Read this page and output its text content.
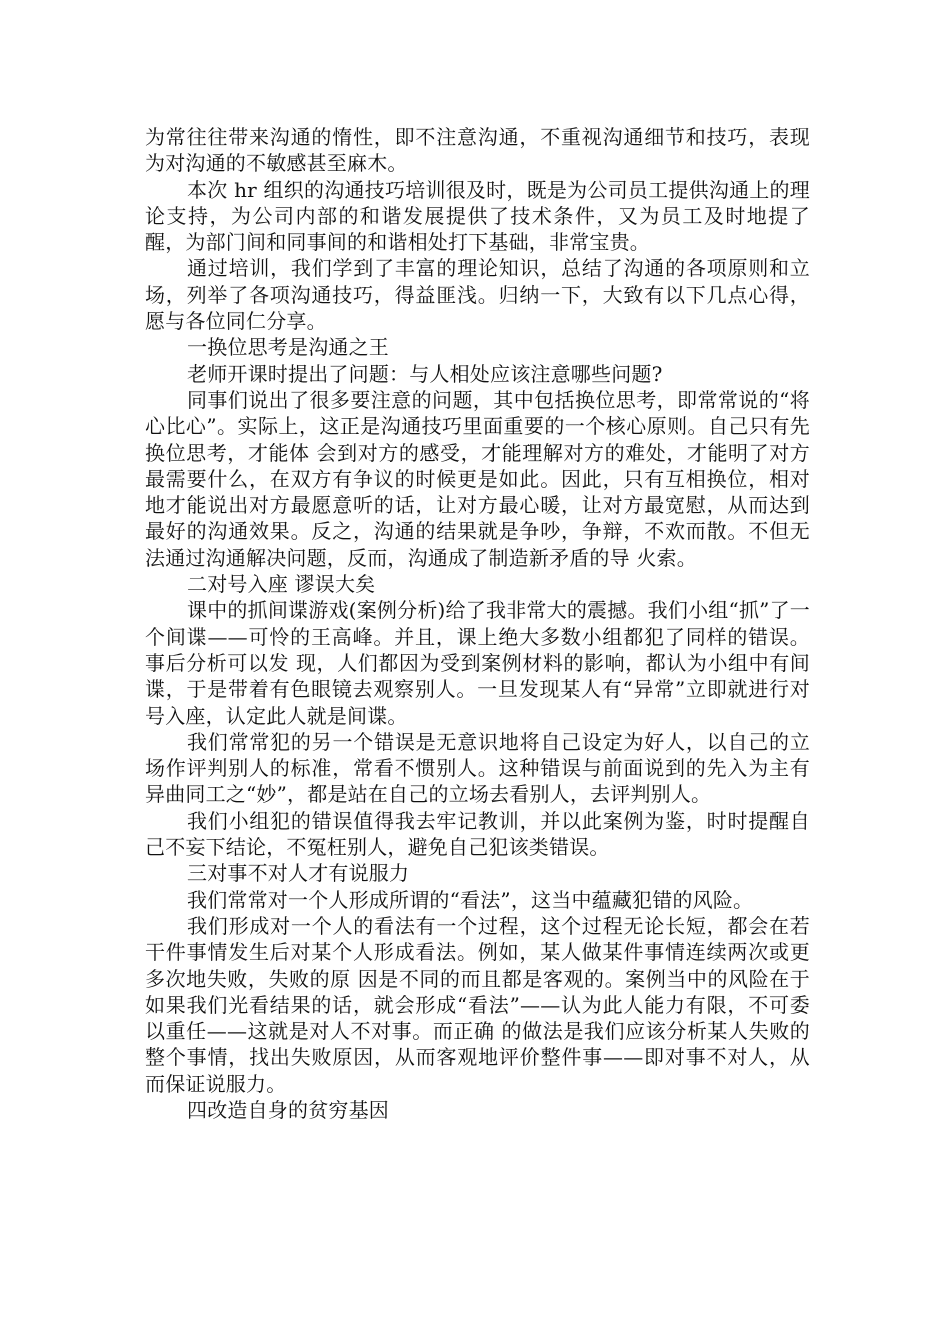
为常往往带来沟通的惰性，即不注意沟通，不重视沟通细节和技巧，表现为对沟通的不敏感甚至麻木。

本次 hr 组织的沟通技巧培训很及时，既是为公司员工提供沟通上的理论支持，为公司内部的和谐发展提供了技术条件，又为员工及时地提了醒，为部门间和同事间的和谐相处打下基础，非常宝贵。

通过培训，我们学到了丰富的理论知识，总结了沟通的各项原则和立场，列举了各项沟通技巧，得益匪浅。归纳一下，大致有以下几点心得，愿与各位同仁分享。

一换位思考是沟通之王

老师开课时提出了问题：与人相处应该注意哪些问题?

同事们说出了很多要注意的问题，其中包括换位思考，即常常说的“将心比心”。实际上，这正是沟通技巧里面重要的一个核心原则。自己只有先换位思考，才能体 会到对方的感受，才能理解对方的难处，才能明了对方最需要什么，在双方有争议的时候更是如此。因此，只有互相换位，相对地才能说出对方最愿意听的话，让对方最心暖，让对方最宽慰，从而达到最好的沟通效果。反之，沟通的结果就是争吵，争辩，不欢而散。不但无法通过沟通解决问题，反而，沟通成了制造新矛盾的导 火索。

二对号入座 谬误大矣

课中的抓间谍游戏(案例分析)给了我非常大的震撼。我们小组“抓”了一个间谍——可怜的王高峰。并且，课上绝大多数小组都犯了同样的错误。事后分析可以发 现，人们都因为受到案例材料的影响，都认为小组中有间谍，于是带着有色眼镜去观察别人。一旦发现某人有“异常”立即就进行对号入座，认定此人就是间谍。

我们常常犯的另一个错误是无意识地将自己设定为好人，以自己的立场作评判别人的标准，常看不惯别人。这种错误与前面说到的先入为主有异曲同工之“妙”，都是站在自己的立场去看别人，去评判别人。

我们小组犯的错误值得我去牢记教训，并以此案例为鉴，时时提醒自己不妄下结论，不冤枉别人，避免自己犯该类错误。

三对事不对人才有说服力

我们常常对一个人形成所谓的“看法”，这当中蕴藏犯错的风险。

我们形成对一个人的看法有一个过程，这个过程无论长短，都会在若干件事情发生后对某个人形成看法。例如，某人做某件事情连续两次或更多次地失败，失败的原 因是不同的而且都是客观的。案例当中的风险在于如果我们光看结果的话，就会形成“看法”——认为此人能力有限，不可委以重任——这就是对人不对事。而正确 的做法是我们应该分析某人失败的整个事情，找出失败原因，从而客观地评价整件事——即对事不对人，从而保证说服力。

四改造自身的贫穷基因
